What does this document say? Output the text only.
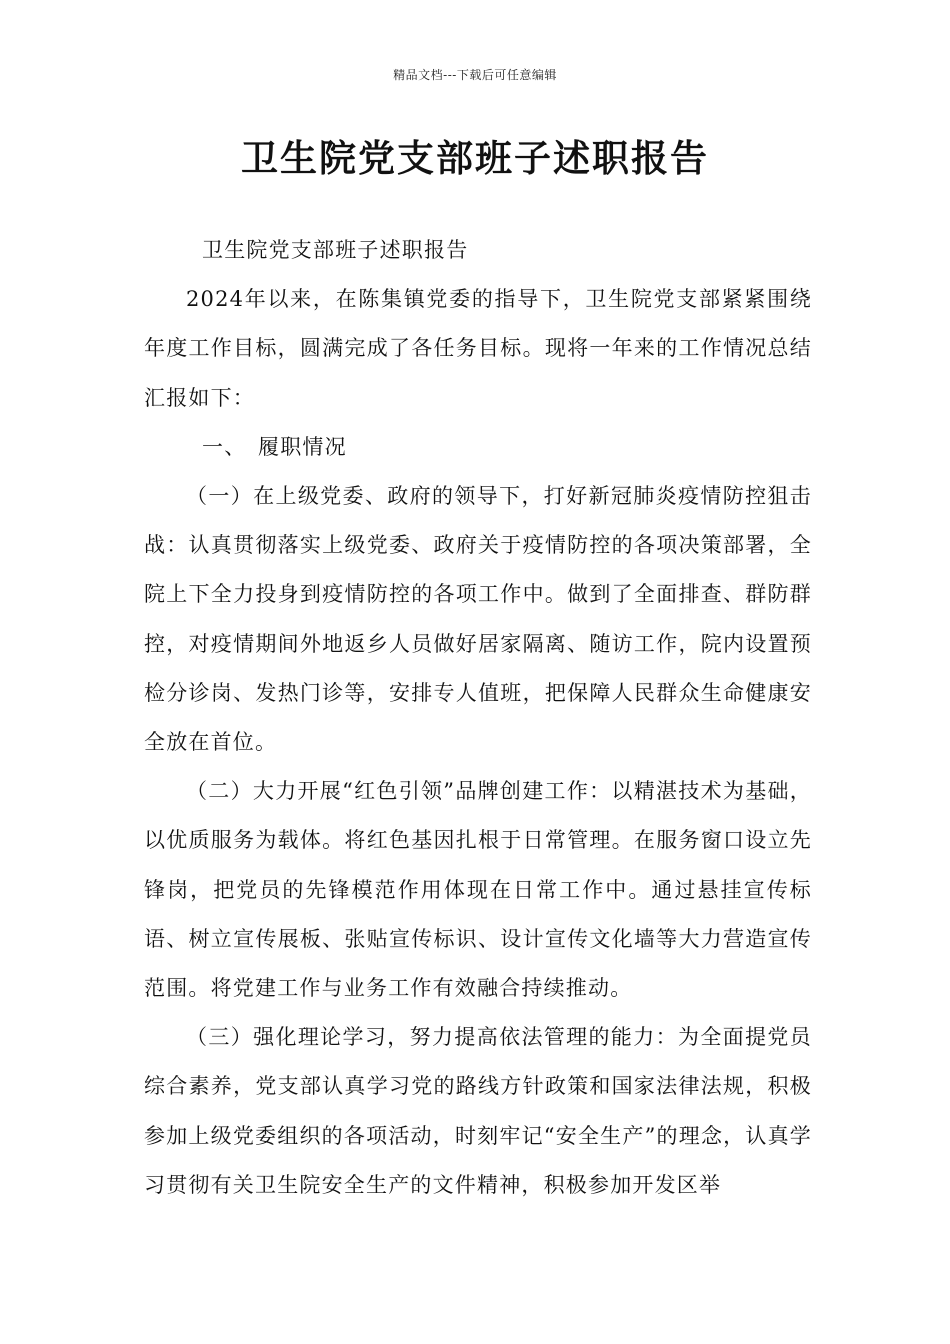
精品文档---下载后可任意编辑
卫生院党支部班子述职报告

卫生院党支部班子述职报告

2024年以来，在陈集镇党委的指导下，卫生院党支部紧紧围绕年度工作目标，圆满完成了各任务目标。现将一年来的工作情况总结汇报如下：

一、 履职情况

（一）在上级党委、政府的领导下，打好新冠肺炎疫情防控狙击战：认真贯彻落实上级党委、政府关于疫情防控的各项决策部署，全院上下全力投身到疫情防控的各项工作中。做到了全面排查、群防群控，对疫情期间外地返乡人员做好居家隔离、随访工作，院内设置预检分诊岗、发热门诊等，安排专人值班，把保障人民群众生命健康安全放在首位。

（二）大力开展“红色引领”品牌创建工作：以精湛技术为基础，以优质服务为载体。将红色基因扎根于日常管理。在服务窗口设立先锋岗，把党员的先锋模范作用体现在日常工作中。通过悬挂宣传标语、树立宣传展板、张贴宣传标识、设计宣传文化墙等大力营造宣传范围。将党建工作与业务工作有效融合持续推动。

（三）强化理论学习，努力提高依法管理的能力：为全面提党员综合素养，党支部认真学习党的路线方针政策和国家法律法规，积极参加上级党委组织的各项活动，时刻牢记“安全生产”的理念，认真学习贯彻有关卫生院安全生产的文件精神，积极参加开发区举
